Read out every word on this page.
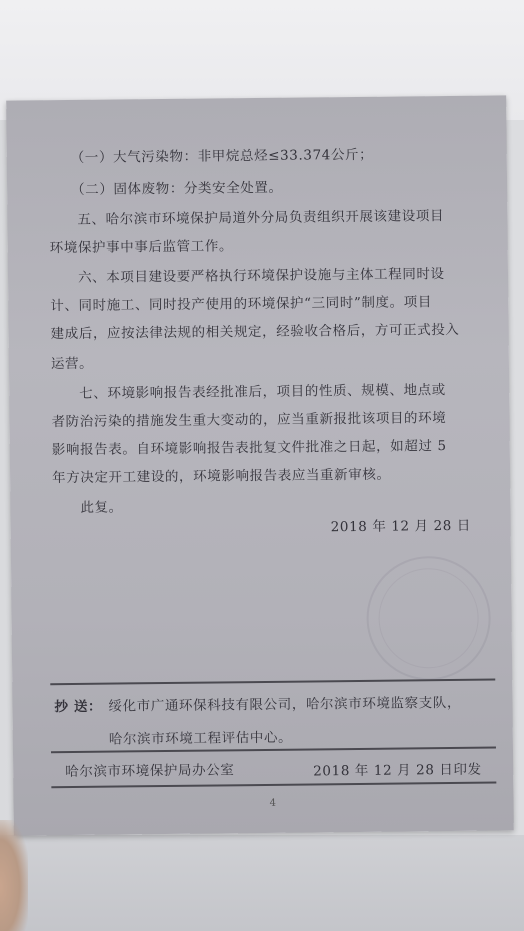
（一）大气污染物：非甲烷总烃≤33.374公斤；
（二）固体废物：分类安全处置。
五、哈尔滨市环境保护局道外分局负责组织开展该建设项目
环境保护事中事后监管工作。
六、本项目建设要严格执行环境保护设施与主体工程同时设
计、同时施工、同时投产使用的环境保护“三同时”制度。项目
建成后，应按法律法规的相关规定，经验收合格后，方可正式投入
运营。
七、环境影响报告表经批准后，项目的性质、规模、地点或
者防治污染的措施发生重大变动的，应当重新报批该项目的环境
影响报告表。自环境影响报告表批复文件批准之日起，如超过 5
年方决定开工建设的，环境影响报告表应当重新审核。
此复。
2018 年 12 月 28 日
抄 送： 绥化市广通环保科技有限公司，哈尔滨市环境监察支队，
哈尔滨市环境工程评估中心。
哈尔滨市环境保护局办公室	2018 年 12 月 28 日印发
4
